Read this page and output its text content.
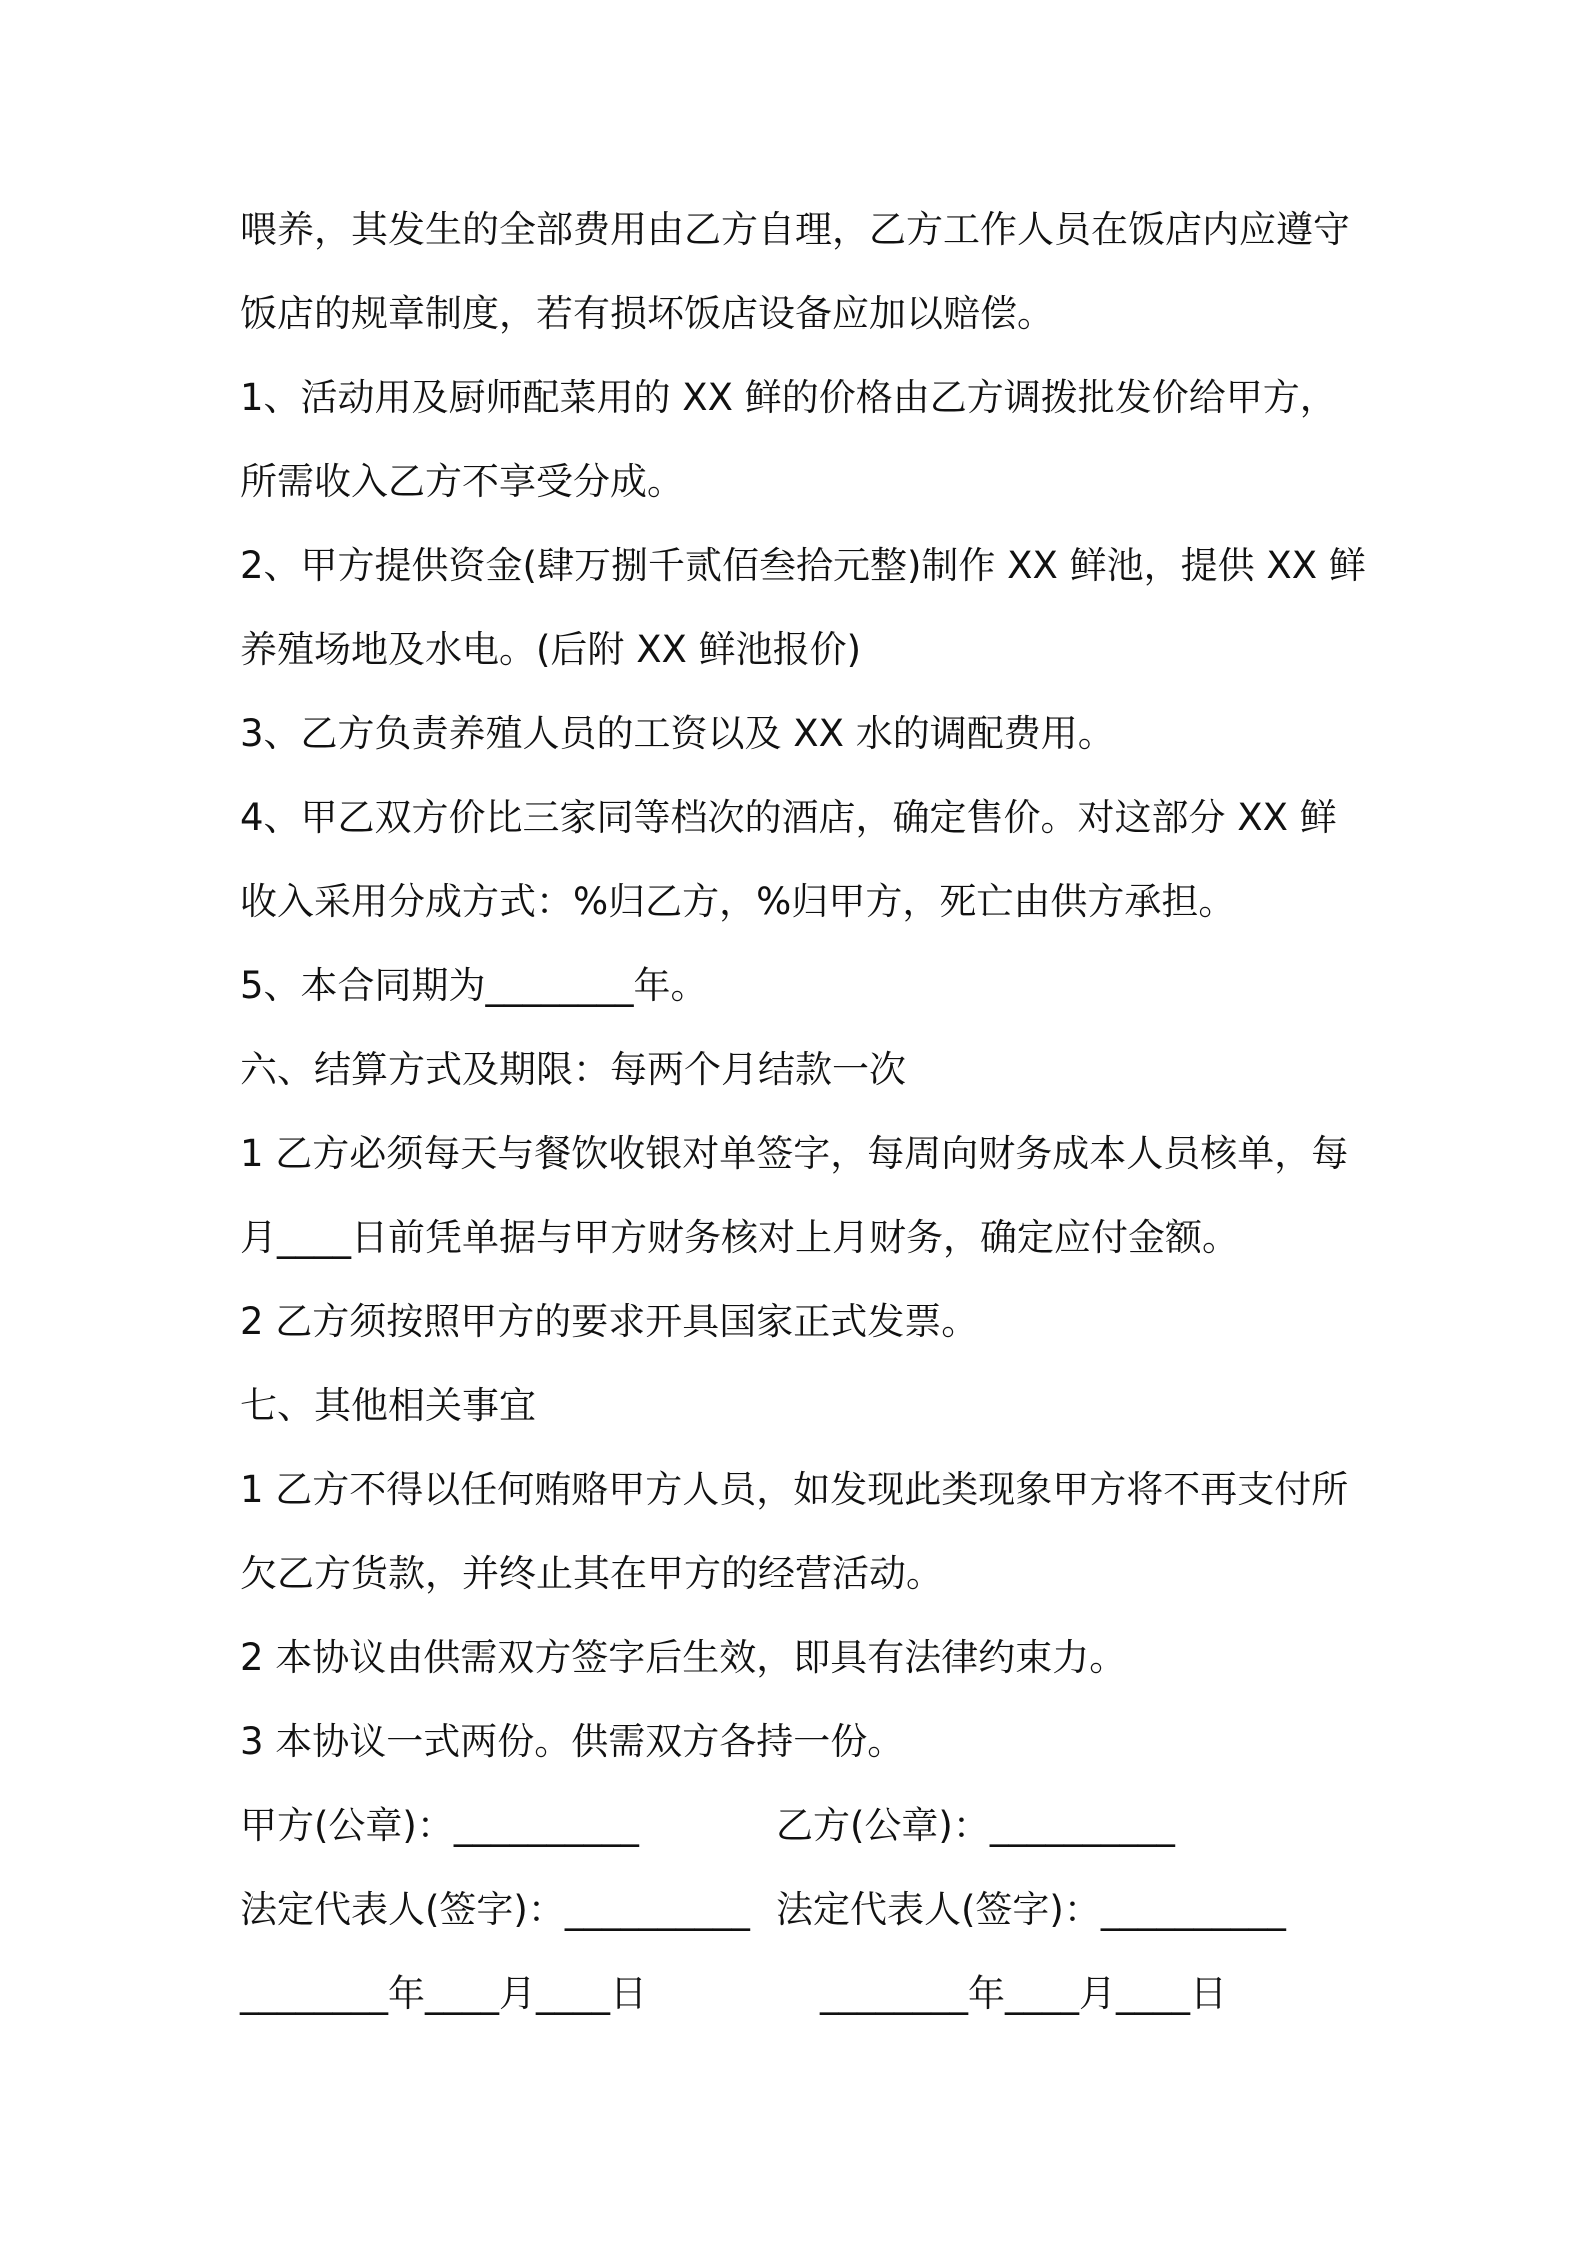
喂养，其发生的全部费用由乙方自理，乙方工作人员在饭店内应遵守
饭店的规章制度，若有损坏饭店设备应加以赔偿。
1、活动用及厨师配菜用的 XX 鲜的价格由乙方调拨批发价给甲方，
所需收入乙方不享受分成。
2、甲方提供资金(肆万捌千贰佰叁拾元整)制作 XX 鲜池，提供 XX 鲜
养殖场地及水电。(后附 XX 鲜池报价)
3、乙方负责养殖人员的工资以及 XX 水的调配费用。
4、甲乙双方价比三家同等档次的酒店，确定售价。对这部分 XX 鲜
收入采用分成方式：%归乙方，%归甲方，死亡由供方承担。
5、本合同期为________年。
六、结算方式及期限：每两个月结款一次
1 乙方必须每天与餐饮收银对单签字，每周向财务成本人员核单，每
月____日前凭单据与甲方财务核对上月财务，确定应付金额。
2 乙方须按照甲方的要求开具国家正式发票。
七、其他相关事宜
1 乙方不得以任何贿赂甲方人员，如发现此类现象甲方将不再支付所
欠乙方货款，并终止其在甲方的经营活动。
2 本协议由供需双方签字后生效，即具有法律约束力。
3 本协议一式两份。供需双方各持一份。
甲方(公章)：__________	乙方(公章)：__________
法定代表人(签字)：__________ 法定代表人(签字)：__________
________年____月____日	________年____月____日
